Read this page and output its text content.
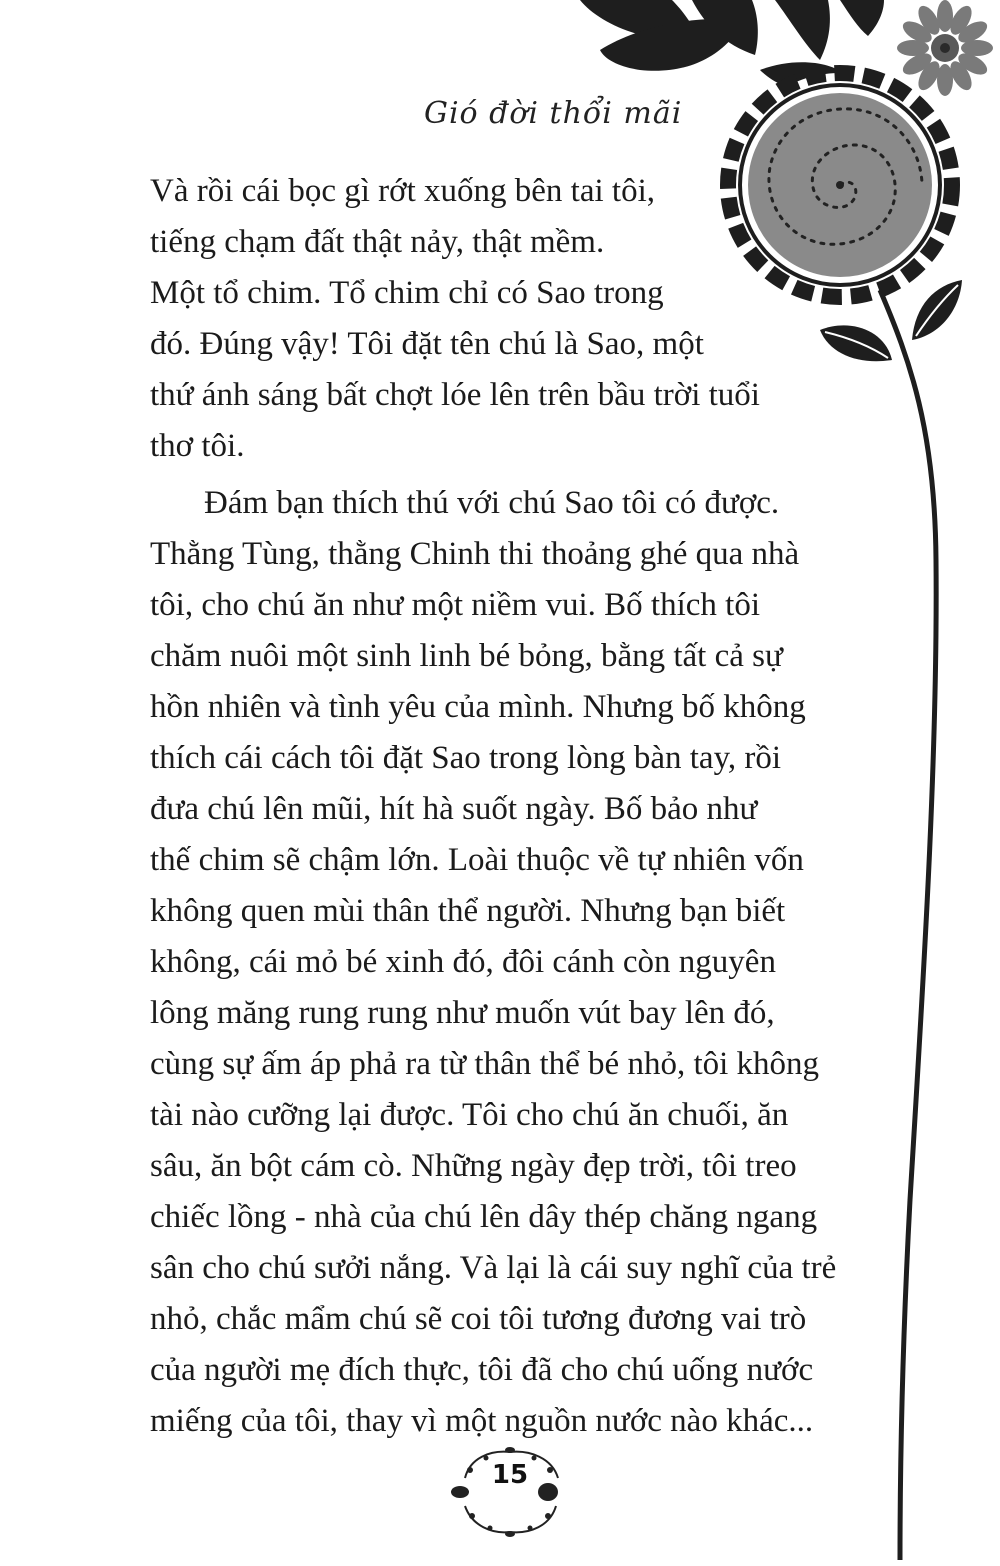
Gió đời thổi mãi

Và rồi cái bọc gì rớt xuống bên tai tôi,
tiếng chạm đất thật nảy, thật mềm.
Một tổ chim. Tổ chim chỉ có Sao trong
đó. Đúng vậy! Tôi đặt tên chú là Sao, một
thứ ánh sáng bất chợt lóe lên trên bầu trời tuổi
thơ tôi.

Đám bạn thích thú với chú Sao tôi có được.
Thằng Tùng, thằng Chinh thi thoảng ghé qua nhà
tôi, cho chú ăn như một niềm vui. Bố thích tôi
chăm nuôi một sinh linh bé bỏng, bằng tất cả sự
hồn nhiên và tình yêu của mình. Nhưng bố không
thích cái cách tôi đặt Sao trong lòng bàn tay, rồi
đưa chú lên mũi, hít hà suốt ngày. Bố bảo như
thế chim sẽ chậm lớn. Loài thuộc về tự nhiên vốn
không quen mùi thân thể người. Nhưng bạn biết
không, cái mỏ bé xinh đó, đôi cánh còn nguyên
lông măng rung rung như muốn vút bay lên đó,
cùng sự ấm áp phả ra từ thân thể bé nhỏ, tôi không
tài nào cưỡng lại được. Tôi cho chú ăn chuối, ăn
sâu, ăn bột cám cò. Những ngày đẹp trời, tôi treo
chiếc lồng - nhà của chú lên dây thép chăng ngang
sân cho chú sưởi nắng. Và lại là cái suy nghĩ của trẻ
nhỏ, chắc mẩm chú sẽ coi tôi tương đương vai trò
của người mẹ đích thực, tôi đã cho chú uống nước
miếng của tôi, thay vì một nguồn nước nào khác...

15
